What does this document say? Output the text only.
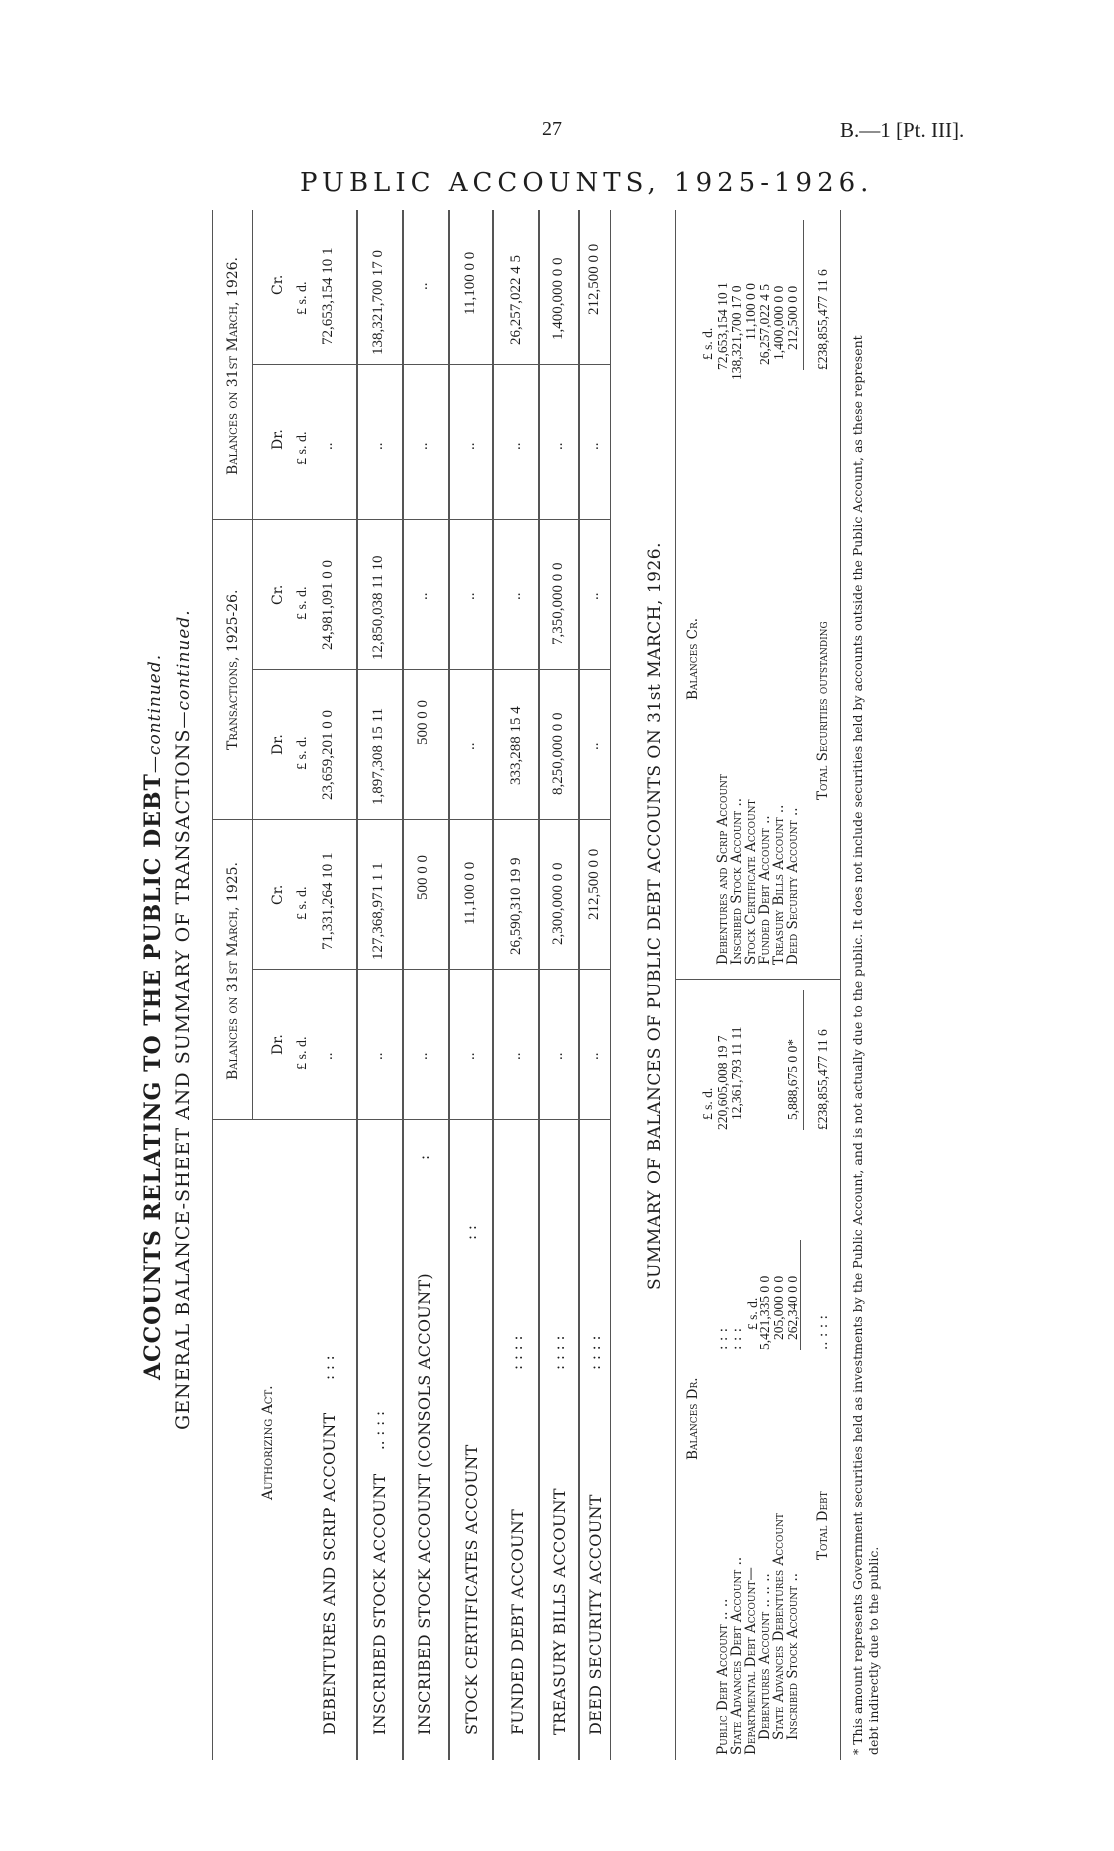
27	B.—1 [Pt. III].
PUBLIC ACCOUNTS, 1925-1926.
ACCOUNTS RELATING TO THE PUBLIC DEBT—continued.
GENERAL BALANCE-SHEET AND SUMMARY OF TRANSACTIONS—continued.
Authorizing Act.
Balances on 31st March, 1925.
Transactions, 1925-26.
Balances on 31st March, 1926.
Dr.
Cr.
Dr.
Cr.
Dr.
Cr.
£ s. d.
£ s. d.
£ s. d.
£ s. d.
£ s. d.
£ s. d.
DEBENTURES AND SCRIP ACCOUNT
: : :
..
71,331,264 10 1
23,659,201 0 0
24,981,091 0 0
..
72,653,154 10 1
INSCRIBED STOCK ACCOUNT
.. : : :
..
127,368,971 1 1
1,897,308 15 11
12,850,038 11 10
..
138,321,700 17 0
INSCRIBED STOCK ACCOUNT (CONSOLS ACCOUNT)
:
..
500 0 0
500 0 0
..
..
..
STOCK CERTIFICATES ACCOUNT
: :
..
11,100 0 0
..
..
..
11,100 0 0
FUNDED DEBT ACCOUNT
: : : :
..
26,590,310 19 9
333,288 15 4
..
..
26,257,022 4 5
TREASURY BILLS ACCOUNT
: : : :
..
2,300,000 0 0
8,250,000 0 0
7,350,000 0 0
..
1,400,000 0 0
DEED SECURITY ACCOUNT
: : : :
..
212,500 0 0
..
..
..
212,500 0 0
SUMMARY OF BALANCES OF PUBLIC DEBT ACCOUNTS ON 31st MARCH, 1926.
Balances Dr.
Balances Cr.
£ s. d.
£ s. d.
Public Debt Account .. ..
: : :
220,605,008 19 7
State Advances Debt Account ..
: : :
12,361,793 11 11
Departmental Debt Account—
£ s. d.
Debentures Account .. .. ..
5,421,335 0 0
State Advances Debentures Account
205,000 0 0
Inscribed Stock Account ..
262,340 0 0
5,888,675 0 0*
Total Debt
.. : : :
£238,855,477 11 6
Debentures and Scrip Account
72,653,154 10 1
Inscribed Stock Account ..
138,321,700 17 0
Stock Certificate Account
11,100 0 0
Funded Debt Account ..
26,257,022 4 5
Treasury Bills Account ..
1,400,000 0 0
Deed Security Account ..
212,500 0 0
Total Securities outstanding
£238,855,477 11 6
* This amount represents Government securities held as investments by the Public Account, and is not actually due to the public. It does not include securities held by accounts outside the Public Account, as these represent debt indirectly due to the public.
